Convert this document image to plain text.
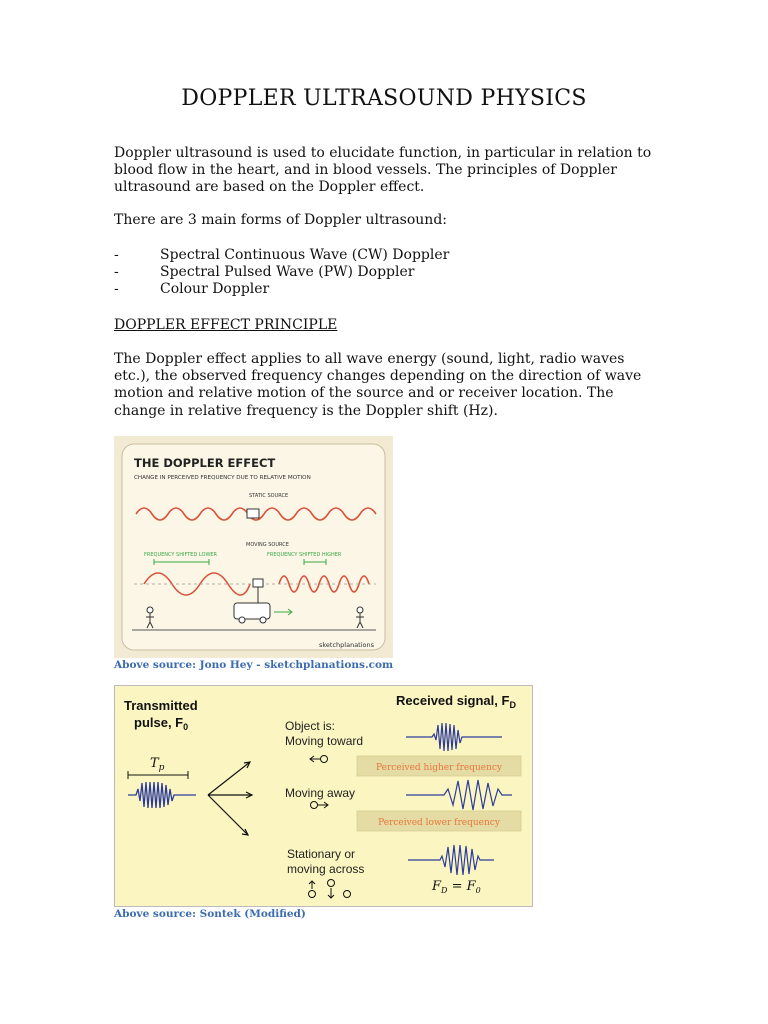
DOPPLER ULTRASOUND PHYSICS

Doppler ultrasound is used to elucidate function, in particular in relation to blood flow in the heart, and in blood vessels. The principles of Doppler ultrasound are based on the Doppler effect.

There are 3 main forms of Doppler ultrasound:

-	Spectral Continuous Wave (CW) Doppler
-	Spectral Pulsed Wave (PW) Doppler
-	Colour Doppler
DOPPLER EFFECT PRINCIPLE

The Doppler effect applies to all wave energy (sound, light, radio waves etc.), the observed frequency changes depending on the direction of wave motion and relative motion of the source and or receiver location. The change in relative frequency is the Doppler shift (Hz).

THE DOPPLER EFFECT
CHANGE IN PERCEIVED FREQUENCY DUE TO RELATIVE MOTION
STATIC SOURCE
MOVING SOURCE
FREQUENCY SHIFTED LOWER	FREQUENCY SHIFTED HIGHER
sketchplanations
Above source: Jono Hey - sketchplanations.com
Transmitted
pulse, $F_0$
Received signal, $F_D$
$T_p$
Object is:
Moving toward
Moving away
Stationary or
moving across
Perceived higher frequency
Perceived lower frequency
$F_D = F_0$
Above source: Sontek (Modified)
